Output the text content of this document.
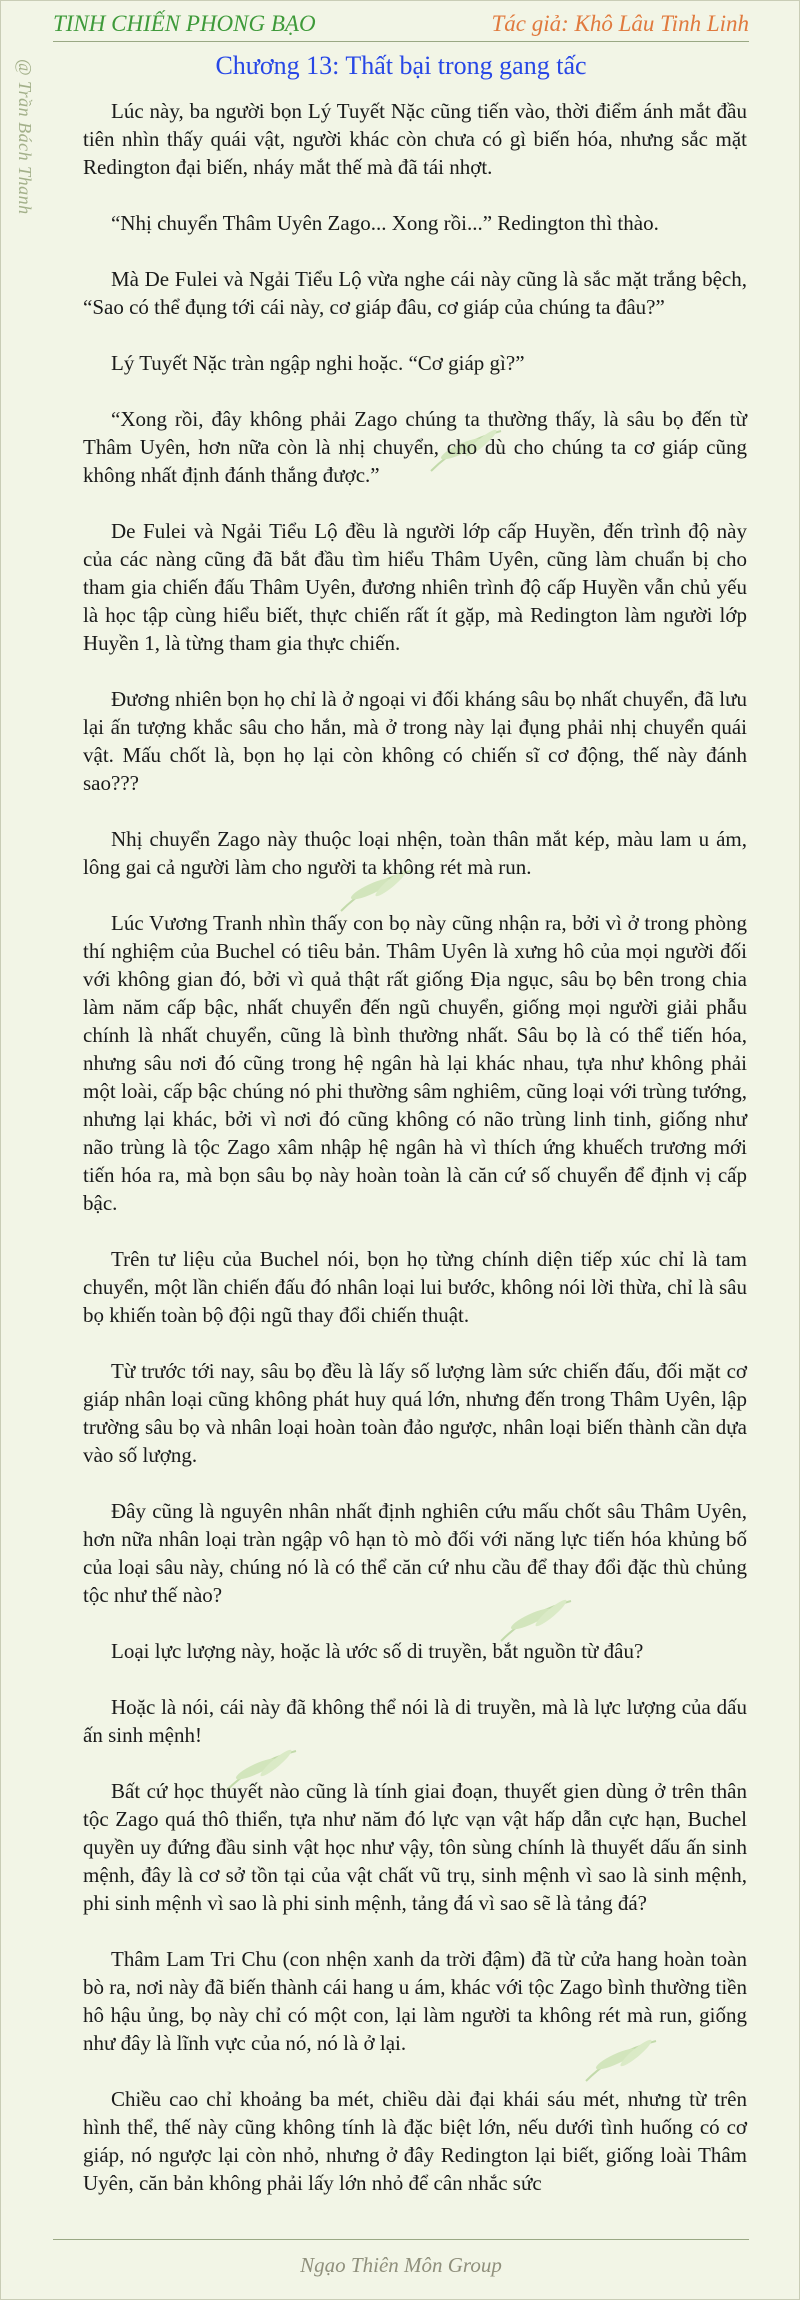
TINH CHIẾN PHONG BẠO	Tác giả: Khô Lâu Tinh Linh
@ Trần Bách Thanh	Chương 13: Thất bại trong gang tấc

Lúc này, ba người bọn Lý Tuyết Nặc cũng tiến vào, thời điểm ánh mắt đầu tiên nhìn thấy quái vật, người khác còn chưa có gì biến hóa, nhưng sắc mặt Redington đại biến, nháy mắt thế mà đã tái nhợt.

“Nhị chuyển Thâm Uyên Zago... Xong rồi...” Redington thì thào.

Mà De Fulei và Ngải Tiểu Lộ vừa nghe cái này cũng là sắc mặt trắng bệch, “Sao có thể đụng tới cái này, cơ giáp đâu, cơ giáp của chúng ta đâu?”

Lý Tuyết Nặc tràn ngập nghi hoặc. “Cơ giáp gì?”

“Xong rồi, đây không phải Zago chúng ta thường thấy, là sâu bọ đến từ Thâm Uyên, hơn nữa còn là nhị chuyển, cho dù cho chúng ta cơ giáp cũng không nhất định đánh thắng được.”

De Fulei và Ngải Tiểu Lộ đều là người lớp cấp Huyền, đến trình độ này của các nàng cũng đã bắt đầu tìm hiểu Thâm Uyên, cũng làm chuẩn bị cho tham gia chiến đấu Thâm Uyên, đương nhiên trình độ cấp Huyền vẫn chủ yếu là học tập cùng hiểu biết, thực chiến rất ít gặp, mà Redington làm người lớp Huyền 1, là từng tham gia thực chiến.

Đương nhiên bọn họ chỉ là ở ngoại vi đối kháng sâu bọ nhất chuyển, đã lưu lại ấn tượng khắc sâu cho hắn, mà ở trong này lại đụng phải nhị chuyển quái vật. Mấu chốt là, bọn họ lại còn không có chiến sĩ cơ động, thế này đánh sao???

Nhị chuyển Zago này thuộc loại nhện, toàn thân mắt kép, màu lam u ám, lông gai cả người làm cho người ta không rét mà run.

Lúc Vương Tranh nhìn thấy con bọ này cũng nhận ra, bởi vì ở trong phòng thí nghiệm của Buchel có tiêu bản. Thâm Uyên là xưng hô của mọi người đối với không gian đó, bởi vì quả thật rất giống Địa ngục, sâu bọ bên trong chia làm năm cấp bậc, nhất chuyển đến ngũ chuyển, giống mọi người giải phẫu chính là nhất chuyển, cũng là bình thường nhất. Sâu bọ là có thể tiến hóa, nhưng sâu nơi đó cũng trong hệ ngân hà lại khác nhau, tựa như không phải một loài, cấp bậc chúng nó phi thường sâm nghiêm, cũng loại với trùng tướng, nhưng lại khác, bởi vì nơi đó cũng không có não trùng linh tinh, giống như não trùng là tộc Zago xâm nhập hệ ngân hà vì thích ứng khuếch trương mới tiến hóa ra, mà bọn sâu bọ này hoàn toàn là căn cứ số chuyển để định vị cấp bậc.

Trên tư liệu của Buchel nói, bọn họ từng chính diện tiếp xúc chỉ là tam chuyển, một lần chiến đấu đó nhân loại lui bước, không nói lời thừa, chỉ là sâu bọ khiến toàn bộ đội ngũ thay đổi chiến thuật.

Từ trước tới nay, sâu bọ đều là lấy số lượng làm sức chiến đấu, đối mặt cơ giáp nhân loại cũng không phát huy quá lớn, nhưng đến trong Thâm Uyên, lập trường sâu bọ và nhân loại hoàn toàn đảo ngược, nhân loại biến thành cần dựa vào số lượng.

Đây cũng là nguyên nhân nhất định nghiên cứu mấu chốt sâu Thâm Uyên, hơn nữa nhân loại tràn ngập vô hạn tò mò đối với năng lực tiến hóa khủng bố của loại sâu này, chúng nó là có thể căn cứ nhu cầu để thay đổi đặc thù chủng tộc như thế nào?

Loại lực lượng này, hoặc là ước số di truyền, bắt nguồn từ đâu?

Hoặc là nói, cái này đã không thể nói là di truyền, mà là lực lượng của dấu ấn sinh mệnh!

Bất cứ học thuyết nào cũng là tính giai đoạn, thuyết gien dùng ở trên thân tộc Zago quá thô thiển, tựa như năm đó lực vạn vật hấp dẫn cực hạn, Buchel quyền uy đứng đầu sinh vật học như vậy, tôn sùng chính là thuyết dấu ấn sinh mệnh, đây là cơ sở tồn tại của vật chất vũ trụ, sinh mệnh vì sao là sinh mệnh, phi sinh mệnh vì sao là phi sinh mệnh, tảng đá vì sao sẽ là tảng đá?

Thâm Lam Tri Chu (con nhện xanh da trời đậm) đã từ cửa hang hoàn toàn bò ra, nơi này đã biến thành cái hang u ám, khác với tộc Zago bình thường tiền hô hậu ủng, bọ này chỉ có một con, lại làm người ta không rét mà run, giống như đây là lĩnh vực của nó, nó là ở lại.

Chiều cao chỉ khoảng ba mét, chiều dài đại khái sáu mét, nhưng từ trên hình thể, thế này cũng không tính là đặc biệt lớn, nếu dưới tình huống có cơ giáp, nó ngược lại còn nhỏ, nhưng ở đây Redington lại biết, giống loài Thâm Uyên, căn bản không phải lấy lớn nhỏ để cân nhắc sức

Ngạo Thiên Môn Group
